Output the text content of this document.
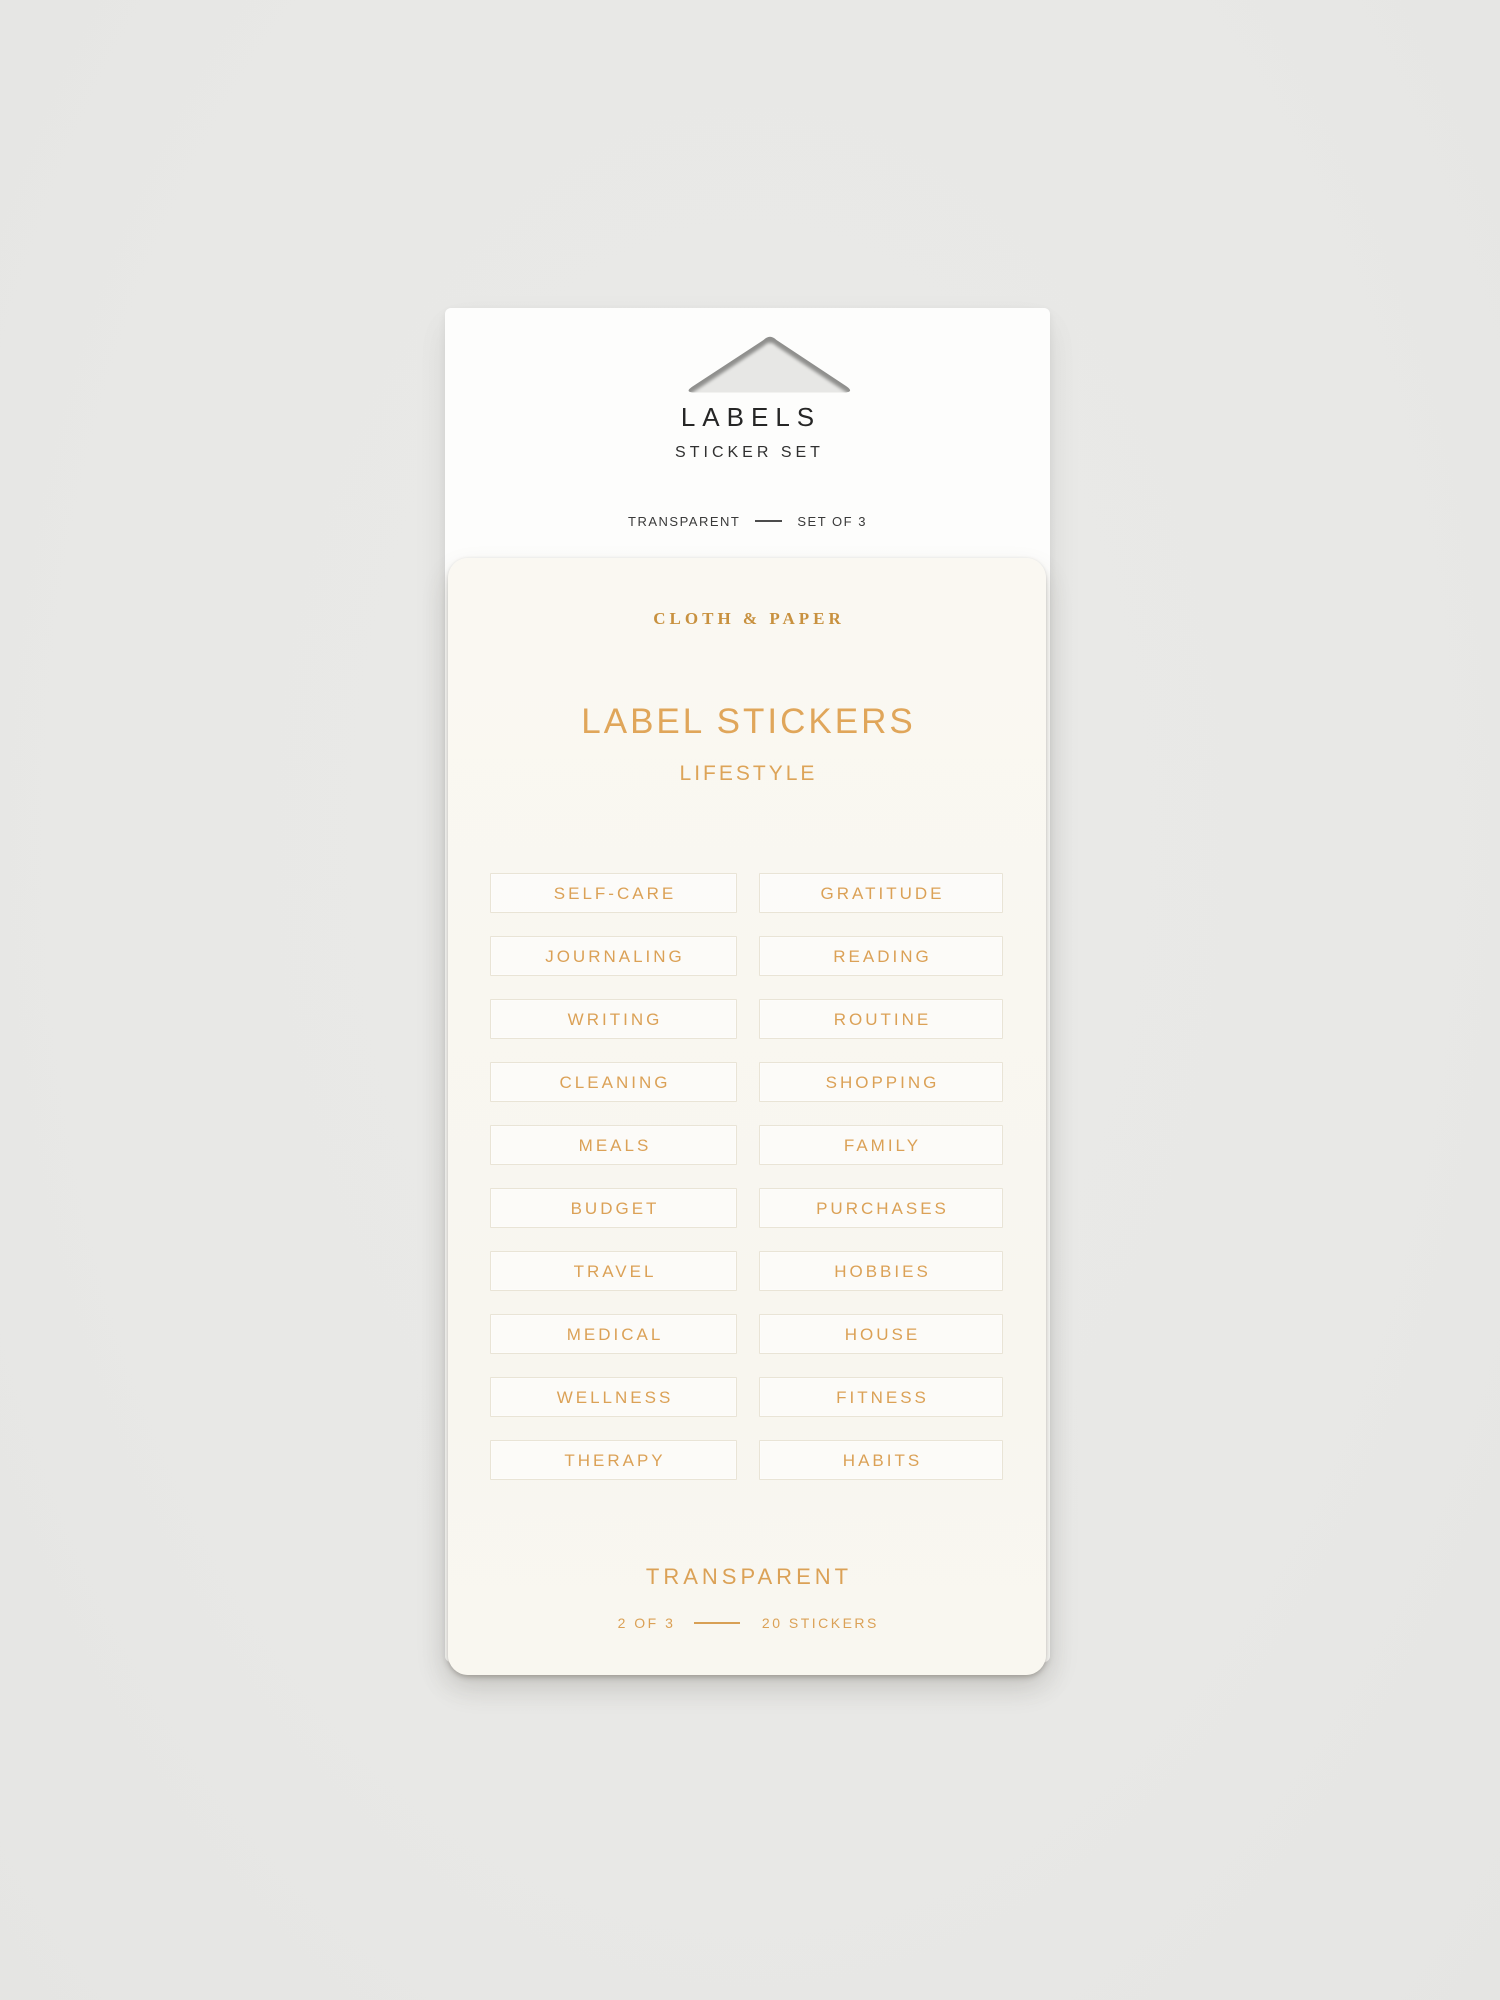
LABELS
STICKER SET
TRANSPARENT	SET OF 3
CLOTH & PAPER
LABEL STICKERS
LIFESTYLE
SELF-CARE	GRATITUDE
JOURNALING	READING
WRITING	ROUTINE
CLEANING	SHOPPING
MEALS	FAMILY
BUDGET	PURCHASES
TRAVEL	HOBBIES
MEDICAL	HOUSE
WELLNESS	FITNESS
THERAPY	HABITS
TRANSPARENT
2 OF 3	20 STICKERS
